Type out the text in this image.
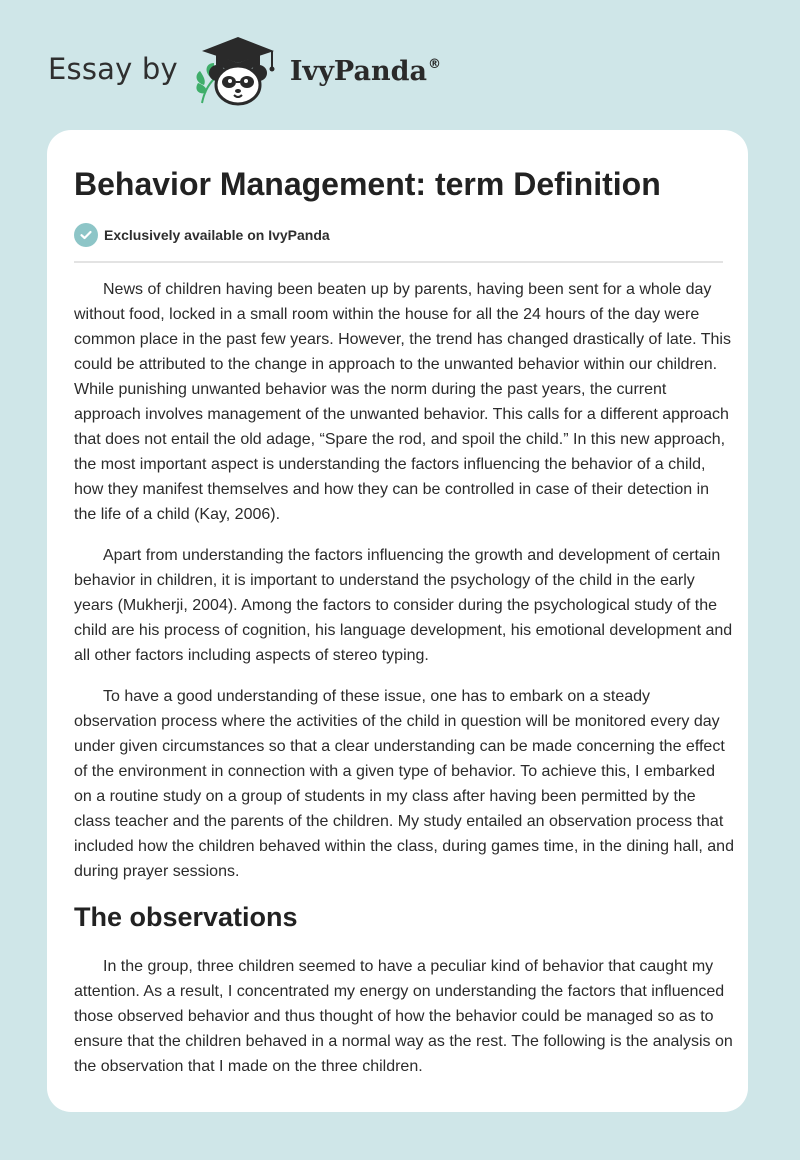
Essay by	IvyPanda®
Behavior Management: term Definition
Exclusively available on IvyPanda

News of children having been beaten up by parents, having been sent for a whole day without food, locked in a small room within the house for all the 24 hours of the day were common place in the past few years. However, the trend has changed drastically of late. This could be attributed to the change in approach to the unwanted behavior within our children. While punishing unwanted behavior was the norm during the past years, the current approach involves management of the unwanted behavior. This calls for a different approach that does not entail the old adage, “Spare the rod, and spoil the child.” In this new approach, the most important aspect is understanding the factors influencing the behavior of a child, how they manifest themselves and how they can be controlled in case of their detection in the life of a child (Kay, 2006).

Apart from understanding the factors influencing the growth and development of certain behavior in children, it is important to understand the psychology of the child in the early years (Mukherji, 2004). Among the factors to consider during the psychological study of the child are his process of cognition, his language development, his emotional development and all other factors including aspects of stereo typing.

To have a good understanding of these issue, one has to embark on a steady observation process where the activities of the child in question will be monitored every day under given circumstances so that a clear understanding can be made concerning the effect of the environment in connection with a given type of behavior. To achieve this, I embarked on a routine study on a group of students in my class after having been permitted by the class teacher and the parents of the children. My study entailed an observation process that included how the children behaved within the class, during games time, in the dining hall, and during prayer sessions.

The observations

In the group, three children seemed to have a peculiar kind of behavior that caught my attention. As a result, I concentrated my energy on understanding the factors that influenced those observed behavior and thus thought of how the behavior could be managed so as to ensure that the children behaved in a normal way as the rest. The following is the analysis on the observation that I made on the three children.
